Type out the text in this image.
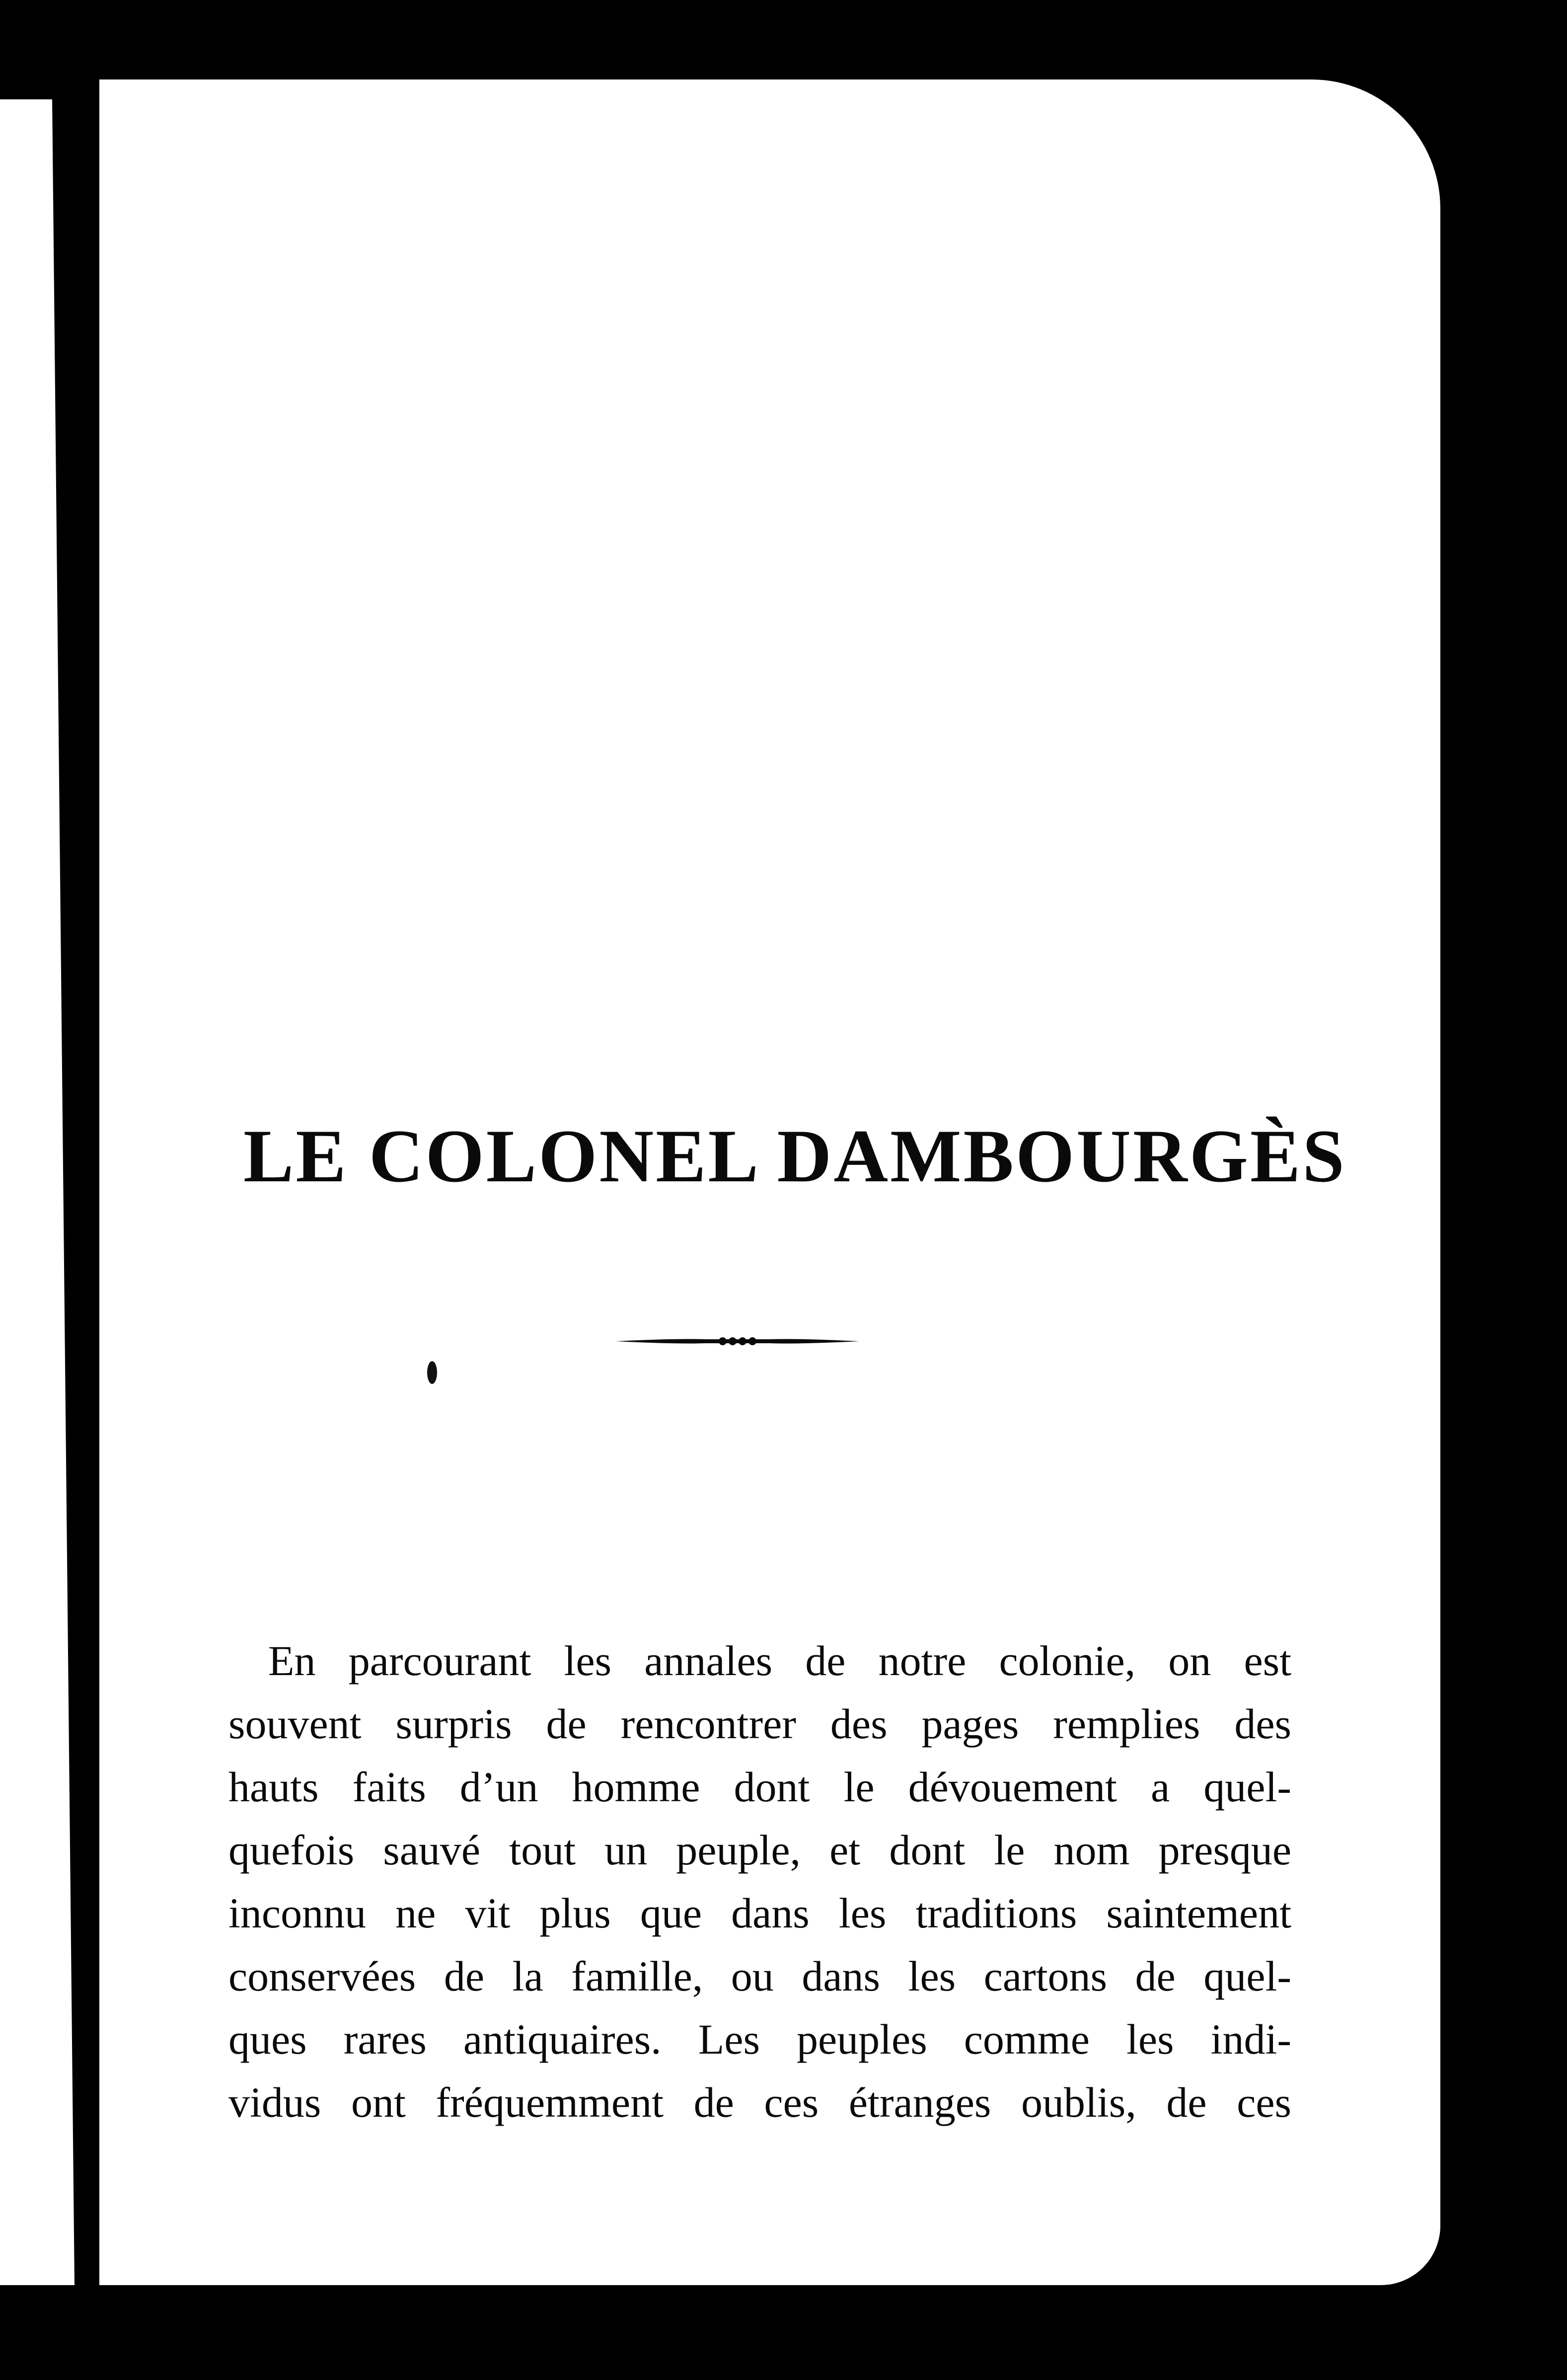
LE COLONEL DAMBOURGÈS

En parcourant les annales de notre colonie, on est
souvent surpris de rencontrer des pages remplies des
hauts faits d’un homme dont le dévouement a quel-
quefois sauvé tout un peuple, et dont le nom presque
inconnu ne vit plus que dans les traditions saintement
conservées de la famille, ou dans les cartons de quel-
ques rares antiquaires. Les peuples comme les indi-
vidus ont fréquemment de ces étranges oublis, de ces
